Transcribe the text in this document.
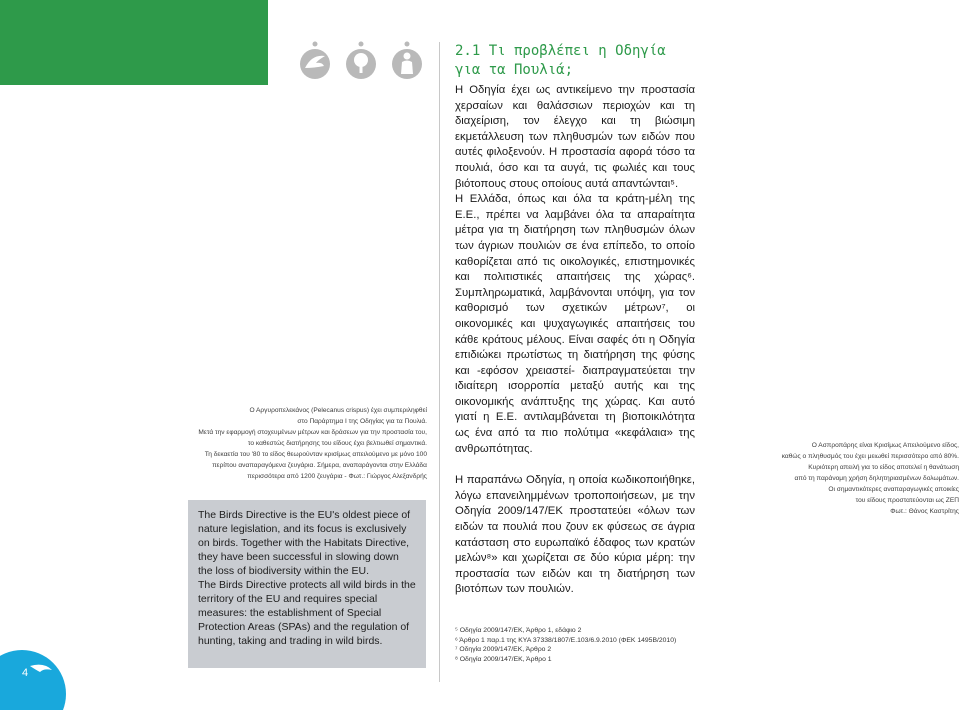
Ο Αργυροπελεκάνος (Pelecanus crispus) έχει συμπεριληφθεί

στο Παράρτημα Ι της Οδηγίας για τα Πουλιά.

Μετά την εφαρμογή στοχευμένων μέτρων και δράσεων για την προστασία του,

το καθεστώς διατήρησης του είδους έχει βελτιωθεί σημαντικά.

Τη δεκαετία του '80 το είδος θεωρούνταν κρισίμως απειλούμενο με μόνο 100

περίπου αναπαραγόμενα ζευγάρια. Σήμερα, αναπαράγονται στην Ελλάδα

περισσότερα από 1200 ζευγάρια - Φωτ.: Γιώργος Αλεξανδρής

The Birds Directive is the EU's oldest piece of nature legislation, and its focus is exclusively on birds. Together with the Habitats Directive, they have been successful in slowing down the loss of biodiversity within the EU.

The Birds Directive protects all wild birds in the territory of the EU and requires special measures: the establishment of Special Protection Areas (SPAs) and the regulation of hunting, taking and trading in wild birds.

2.1 Τι προβλέπει η Οδηγία
για τα Πουλιά;

Η Οδηγία έχει ως αντικείμενο την προστασία χερσαίων και θαλάσσιων περιοχών και τη διαχείριση, τον έλεγχο και τη βιώσιμη εκμετάλλευση των πληθυσμών των ειδών που αυτές φιλοξενούν. Η προστασία αφορά τόσο τα πουλιά, όσο και τα αυγά, τις φωλιές και τους βιότοπους στους οποίους αυτά απαντώνται⁵.

Η Ελλάδα, όπως και όλα τα κράτη-μέλη της Ε.Ε., πρέπει να λαμβάνει όλα τα απαραίτητα μέτρα για τη διατήρηση των πληθυσμών όλων των άγριων πουλιών σε ένα επίπεδο, το οποίο καθορίζεται από τις οικολογικές, επιστημονικές και πολιτιστικές απαιτήσεις της χώρας⁶. Συμπληρωματικά, λαμβάνονται υπόψη, για τον καθορισμό των σχετικών μέτρων⁷, οι οικονομικές και ψυχαγωγικές απαιτήσεις του κάθε κράτους μέλους. Είναι σαφές ότι η Οδηγία επιδιώκει πρωτίστως τη διατήρηση της φύσης και -εφόσον χρειαστεί- διαπραγματεύεται την ιδιαίτερη ισορροπία μεταξύ αυτής και της οικονομικής ανάπτυξης της χώρας. Και αυτό γιατί η Ε.Ε. αντιλαμβάνεται τη βιοποικιλότητα ως ένα από τα πιο πολύτιμα «κεφάλαια» της ανθρωπότητας.

Η παραπάνω Οδηγία, η οποία κωδικοποιήθηκε, λόγω επανειλημμένων τροποποιήσεων, με την Οδηγία 2009/147/ΕΚ προστατεύει «όλων των ειδών τα πουλιά που ζουν εκ φύσεως σε άγρια κατάσταση στο ευρωπαϊκό έδαφος των κρατών μελών⁸» και χωρίζεται σε δύο κύρια μέρη: την προστασία των ειδών και τη διατήρηση των βιοτόπων των πουλιών.

⁵ Οδηγία 2009/147/ΕΚ, Άρθρο 1, εδάφιο 2

⁶ Άρθρο 1 παρ.1 της ΚΥΑ 37338/1807/Ε.103/6.9.2010 (ΦΕΚ 1495Β/2010)

⁷ Οδηγία 2009/147/ΕΚ, Άρθρο 2

⁸ Οδηγία 2009/147/ΕΚ, Άρθρο 1

Ο Ασπροπάρης είναι Κρισίμως Απειλούμενο είδος,

καθώς ο πληθυσμός του έχει μειωθεί περισσότερο από 80%.

Κυριότερη απειλή για το είδος αποτελεί η θανάτωση

από τη παράνομη χρήση δηλητηριασμένων δολωμάτων.

Οι σημαντικότερες αναπαραγωγικές αποικίες

του είδους προστατεύονται ως ΖΕΠ

Φωτ.: Θάνος Καστρίτης

4
